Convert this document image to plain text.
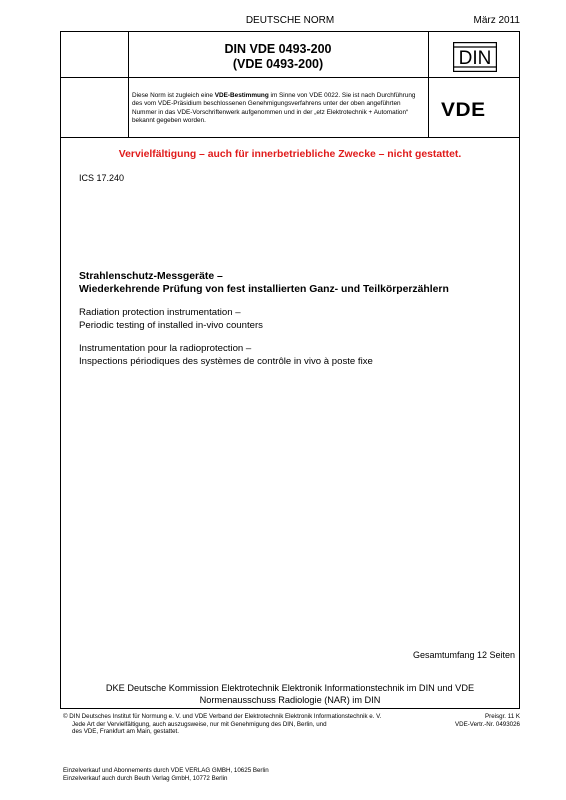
DEUTSCHE NORM	März 2011
DIN VDE 0493-200
(VDE 0493-200)	DIN
Diese Norm ist zugleich eine VDE-Bestimmung im Sinne von VDE 0022. Sie ist nach Durchführung des vom VDE-Präsidium beschlossenen Genehmigungsverfahrens unter der oben angeführten Nummer in das VDE-Vorschriftenwerk aufgenommen und in der „etz Elektrotechnik + Automation“ bekannt gegeben worden.	VDE
Vervielfältigung – auch für innerbetriebliche Zwecke – nicht gestattet.
ICS 17.240
Strahlenschutz-Messgeräte –
Wiederkehrende Prüfung von fest installierten Ganz- und Teilkörperzählern
Radiation protection instrumentation –
Periodic testing of installed in-vivo counters
Instrumentation pour la radioprotection –
Inspections périodiques des systèmes de contrôle in vivo à poste fixe
Gesamtumfang 12 Seiten
DKE Deutsche Kommission Elektrotechnik Elektronik Informationstechnik im DIN und VDE
Normenausschuss Radiologie (NAR) im DIN
© DIN Deutsches Institut für Normung e. V. und VDE Verband der Elektrotechnik Elektronik Informationstechnik e. V.
Jede Art der Vervielfältigung, auch auszugsweise, nur mit Genehmigung des DIN, Berlin, und
des VDE, Frankfurt am Main, gestattet.
Preisgr. 11 K
VDE-Vertr.-Nr. 0493026
Einzelverkauf und Abonnements durch VDE VERLAG GMBH, 10625 Berlin
Einzelverkauf auch durch Beuth Verlag GmbH, 10772 Berlin
